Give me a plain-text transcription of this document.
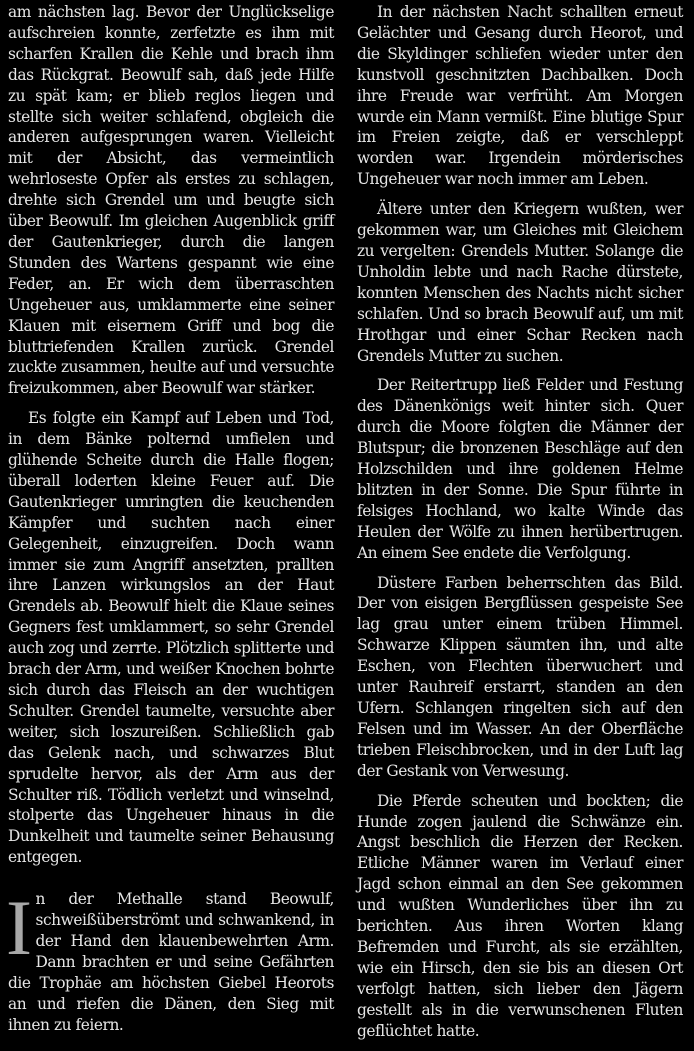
am nächsten lag. Bevor der Unglückselige aufschreien konnte, zerfetzte es ihm mit scharfen Krallen die Kehle und brach ihm das Rückgrat. Beowulf sah, daß jede Hilfe zu spät kam; er blieb reglos liegen und stellte sich weiter schlafend, obgleich die anderen aufgesprungen waren. Vielleicht mit der Absicht, das vermeintlich wehrloseste Opfer als erstes zu schlagen, drehte sich Grendel um und beugte sich über Beowulf. Im gleichen Augenblick griff der Gautenkrieger, durch die langen Stunden des Wartens gespannt wie eine Feder, an. Er wich dem überraschten Ungeheuer aus, umklammerte eine seiner Klauen mit eisernem Griff und bog die bluttriefenden Krallen zurück. Grendel zuckte zusammen, heulte auf und versuchte freizukommen, aber Beowulf war stärker.

Es folgte ein Kampf auf Leben und Tod, in dem Bänke polternd umfielen und glühende Scheite durch die Halle flogen; überall loderten kleine Feuer auf. Die Gautenkrieger umringten die keuchenden Kämpfer und suchten nach einer Gelegenheit, einzugreifen. Doch wann immer sie zum Angriff ansetzten, prallten ihre Lanzen wirkungslos an der Haut Grendels ab. Beowulf hielt die Klaue seines Gegners fest umklammert, so sehr Grendel auch zog und zerrte. Plötzlich splitterte und brach der Arm, und weißer Knochen bohrte sich durch das Fleisch an der wuchtigen Schulter. Grendel taumelte, versuchte aber weiter, sich loszureißen. Schließlich gab das Gelenk nach, und schwarzes Blut sprudelte hervor, als der Arm aus der Schulter riß. Tödlich verletzt und winselnd, stolperte das Ungeheuer hinaus in die Dunkelheit und taumelte seiner Behausung entgegen.

In der Methalle stand Beowulf, schweißüberströmt und schwankend, in der Hand den klauenbewehrten Arm. Dann brachten er und seine Gefährten die Trophäe am höchsten Giebel Heorots an und riefen die Dänen, den Sieg mit ihnen zu feiern.

In der nächsten Nacht schallten erneut Gelächter und Gesang durch Heorot, und die Skyldinger schliefen wieder unter den kunstvoll geschnitzten Dachbalken. Doch ihre Freude war verfrüht. Am Morgen wurde ein Mann vermißt. Eine blutige Spur im Freien zeigte, daß er verschleppt worden war. Irgendein mörderisches Ungeheuer war noch immer am Leben.

Ältere unter den Kriegern wußten, wer gekommen war, um Gleiches mit Gleichem zu vergelten: Grendels Mutter. Solange die Unholdin lebte und nach Rache dürstete, konnten Menschen des Nachts nicht sicher schlafen. Und so brach Beowulf auf, um mit Hrothgar und einer Schar Recken nach Grendels Mutter zu suchen.

Der Reitertrupp ließ Felder und Festung des Dänenkönigs weit hinter sich. Quer durch die Moore folgten die Männer der Blutspur; die bronzenen Beschläge auf den Holzschilden und ihre goldenen Helme blitzten in der Sonne. Die Spur führte in felsiges Hochland, wo kalte Winde das Heulen der Wölfe zu ihnen herübertrugen. An einem See endete die Verfolgung.

Düstere Farben beherrschten das Bild. Der von eisigen Bergflüssen gespeiste See lag grau unter einem trüben Himmel. Schwarze Klippen säumten ihn, und alte Eschen, von Flechten überwuchert und unter Rauhreif erstarrt, standen an den Ufern. Schlangen ringelten sich auf den Felsen und im Wasser. An der Oberfläche trieben Fleischbrocken, und in der Luft lag der Gestank von Verwesung.

Die Pferde scheuten und bockten; die Hunde zogen jaulend die Schwänze ein. Angst beschlich die Herzen der Recken. Etliche Männer waren im Verlauf einer Jagd schon einmal an den See gekommen und wußten Wunderliches über ihn zu berichten. Aus ihren Worten klang Befremden und Furcht, als sie erzählten, wie ein Hirsch, den sie bis an diesen Ort verfolgt hatten, sich lieber den Jägern gestellt als in die verwunschenen Fluten geflüchtet hatte.
